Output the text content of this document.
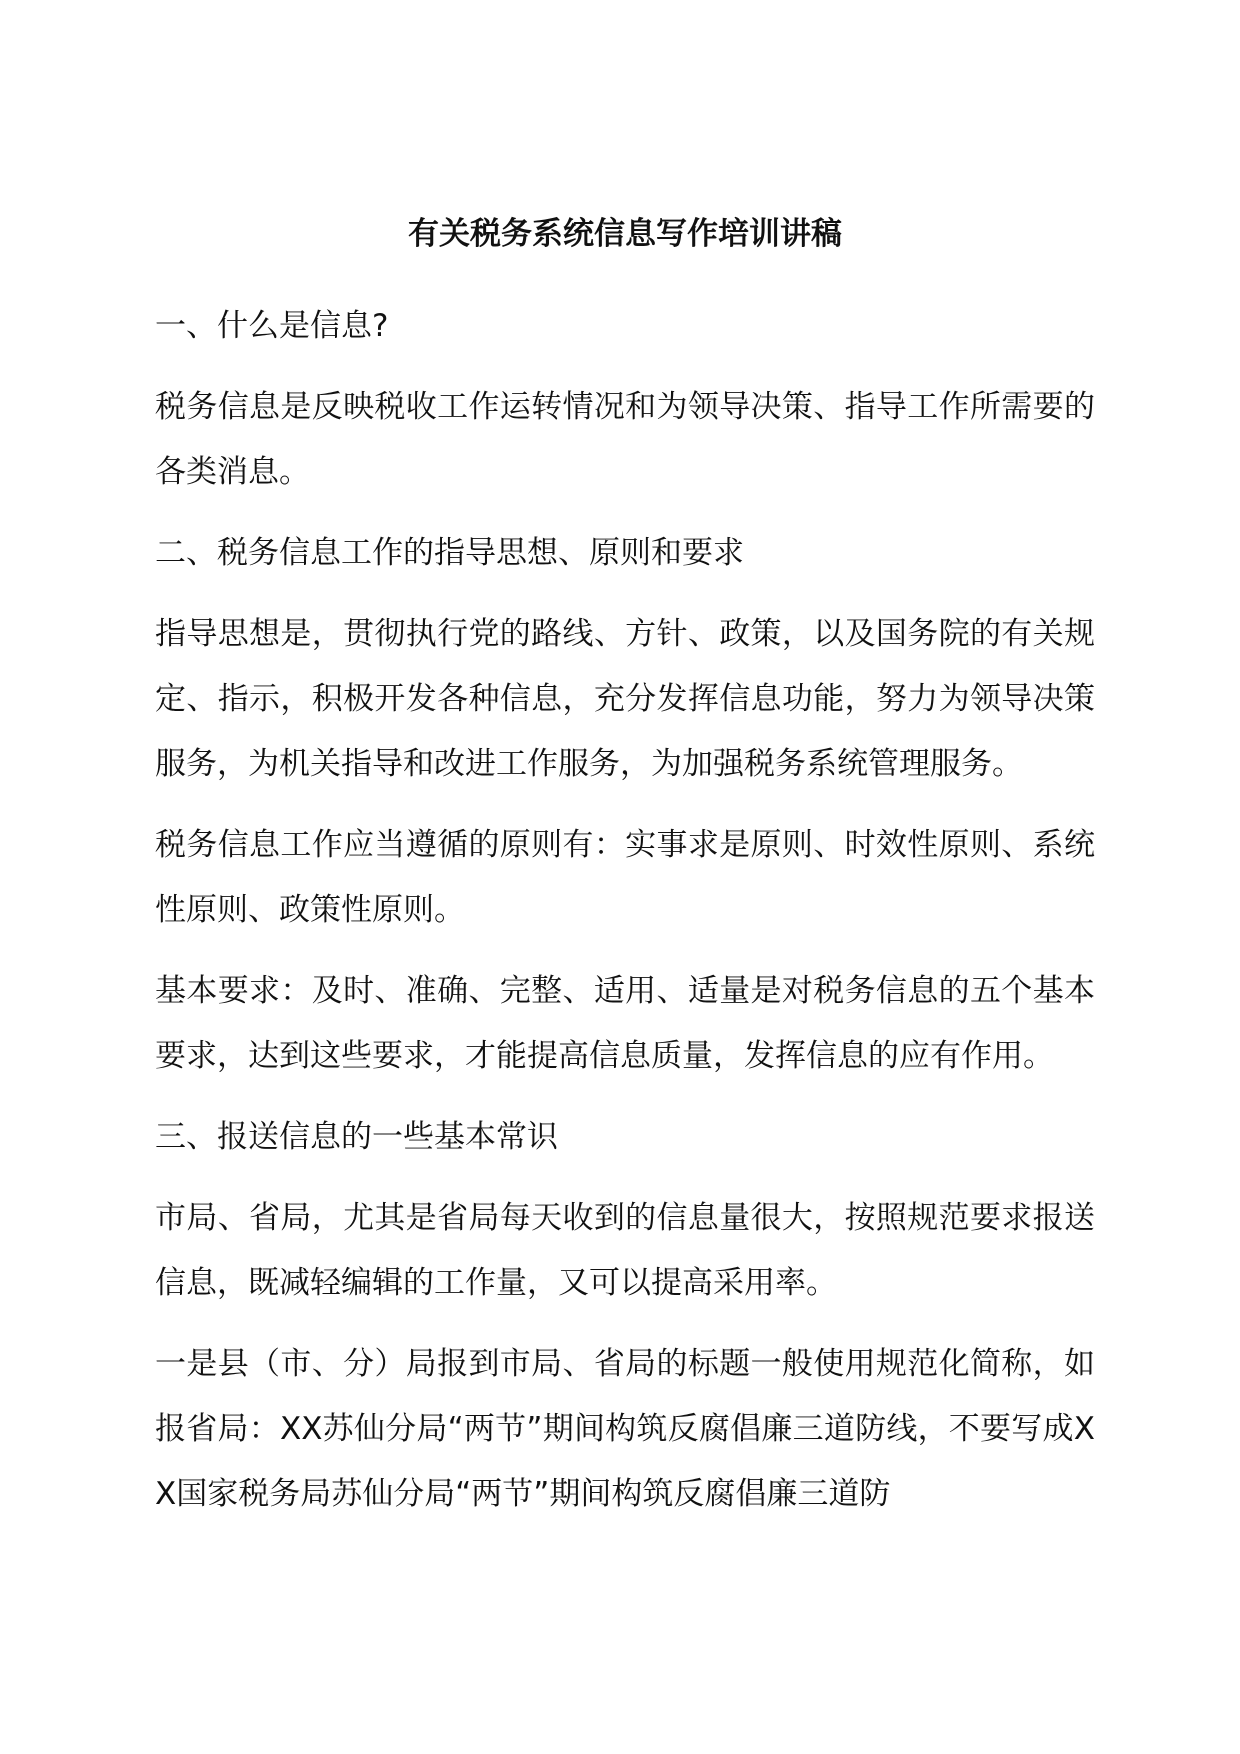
有关税务系统信息写作培训讲稿
一、什么是信息?
税务信息是反映税收工作运转情况和为领导决策、指导工作所需要的各类消息。
二、税务信息工作的指导思想、原则和要求
指导思想是，贯彻执行党的路线、方针、政策，以及国务院的有关规定、指示，积极开发各种信息，充分发挥信息功能，努力为领导决策服务，为机关指导和改进工作服务，为加强税务系统管理服务。
税务信息工作应当遵循的原则有：实事求是原则、时效性原则、系统性原则、政策性原则。
基本要求：及时、准确、完整、适用、适量是对税务信息的五个基本要求，达到这些要求，才能提高信息质量，发挥信息的应有作用。
三、报送信息的一些基本常识
市局、省局，尤其是省局每天收到的信息量很大，按照规范要求报送信息，既减轻编辑的工作量，又可以提高采用率。
一是县（市、分）局报到市局、省局的标题一般使用规范化简称，如报省局：XX苏仙分局“两节”期间构筑反腐倡廉三道防线，不要写成XX国家税务局苏仙分局“两节”期间构筑反腐倡廉三道防
